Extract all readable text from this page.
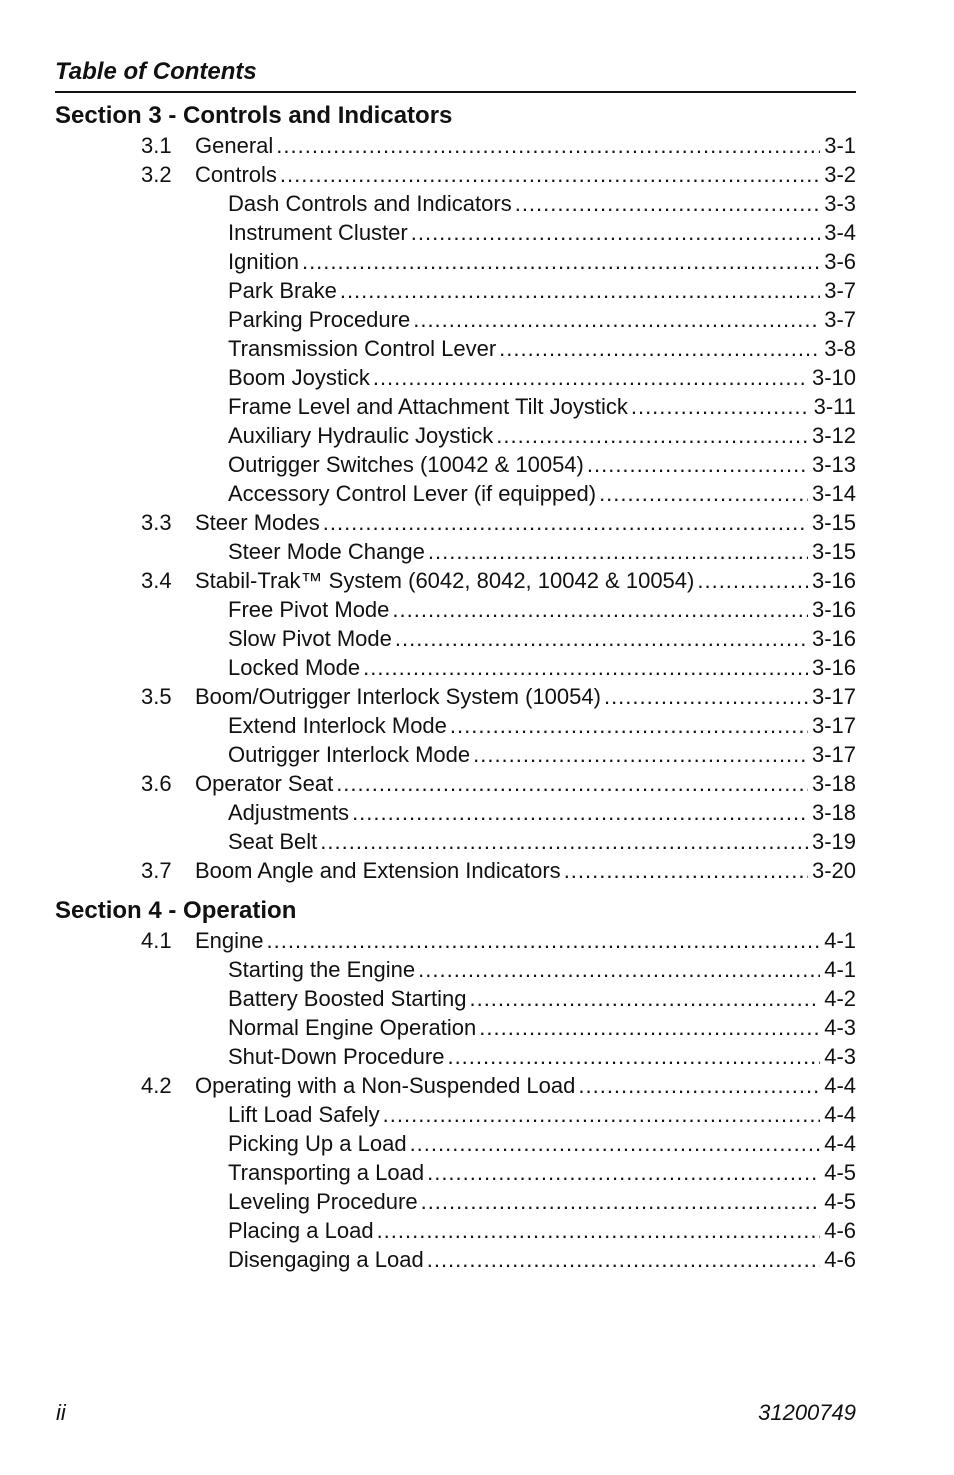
Table of Contents
Section 3 - Controls and Indicators
3.1 General .....	3-1
3.2 Controls .....	3-2
Dash Controls and Indicators .....	3-3
Instrument Cluster .....	3-4
Ignition .....	3-6
Park Brake .....	3-7
Parking Procedure .....	3-7
Transmission Control Lever .....	3-8
Boom Joystick .....	3-10
Frame Level and Attachment Tilt Joystick .....	3-11
Auxiliary Hydraulic Joystick .....	3-12
Outrigger Switches (10042 & 10054) .....	3-13
Accessory Control Lever (if equipped) .....	3-14
3.3 Steer Modes .....	3-15
Steer Mode Change .....	3-15
3.4 Stabil-Trak™ System (6042, 8042, 10042 & 10054) .....	3-16
Free Pivot Mode .....	3-16
Slow Pivot Mode .....	3-16
Locked Mode .....	3-16
3.5 Boom/Outrigger Interlock System (10054) .....	3-17
Extend Interlock Mode .....	3-17
Outrigger Interlock Mode .....	3-17
3.6 Operator Seat .....	3-18
Adjustments .....	3-18
Seat Belt .....	3-19
3.7 Boom Angle and Extension Indicators .....	3-20
Section 4 - Operation
4.1 Engine .....	4-1
Starting the Engine .....	4-1
Battery Boosted Starting .....	4-2
Normal Engine Operation .....	4-3
Shut-Down Procedure .....	4-3
4.2 Operating with a Non-Suspended Load .....	4-4
Lift Load Safely .....	4-4
Picking Up a Load .....	4-4
Transporting a Load .....	4-5
Leveling Procedure .....	4-5
Placing a Load .....	4-6
Disengaging a Load .....	4-6
ii	31200749
